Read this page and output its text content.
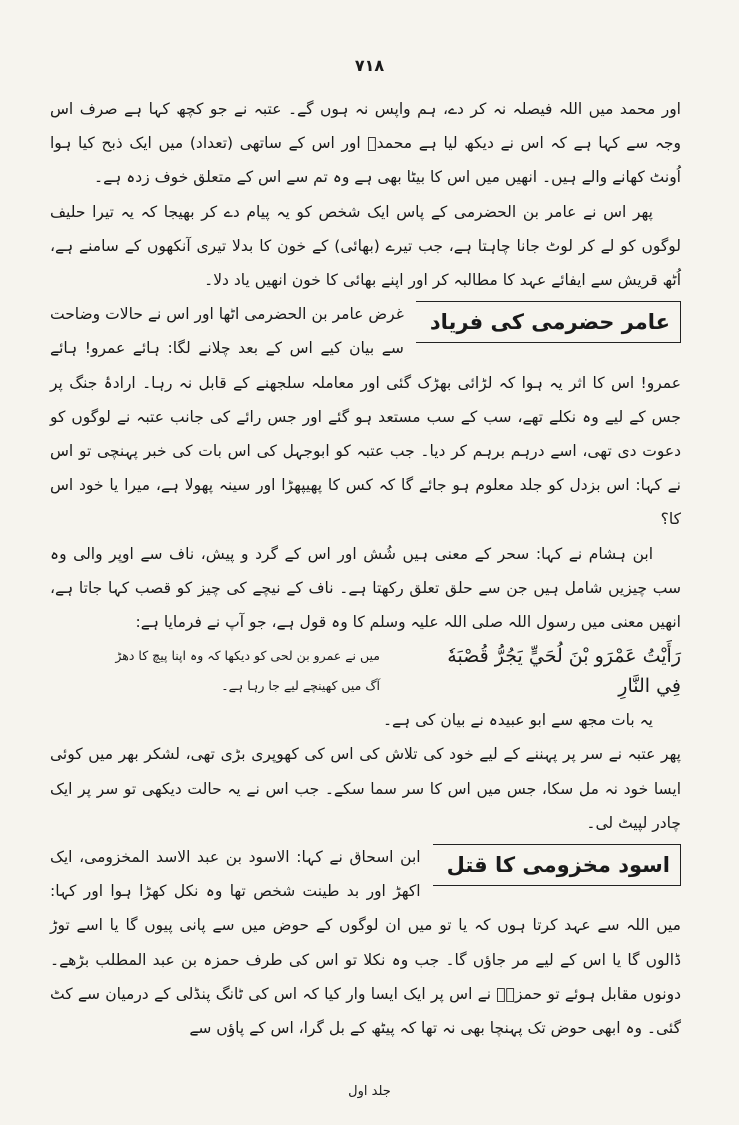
۷۱۸

اور محمد میں اللہ فیصلہ نہ کر دے، ہم واپس نہ ہوں گے۔ عتبہ نے جو کچھ کہا ہے صرف اس وجہ سے کہا ہے کہ اس نے دیکھ لیا ہے محمدؐ اور اس کے ساتھی (تعداد) میں ایک ذبح کیا ہوا اُونٹ کھانے والے ہیں۔ انھیں میں اس کا بیٹا بھی ہے وہ تم سے اس کے متعلق خوف زدہ ہے۔

پھر اس نے عامر بن الحضرمی کے پاس ایک شخص کو یہ پیام دے کر بھیجا کہ یہ تیرا حلیف لوگوں کو لے کر لوٹ جانا چاہتا ہے، جب تیرے (بھائی) کے خون کا بدلا تیری آنکھوں کے سامنے ہے، اُٹھ قریش سے ایفائے عہد کا مطالبہ کر اور اپنے بھائی کا خون انھیں یاد دلا۔

عامر حضرمی کی فریاد

غرض عامر بن الحضرمی اٹھا اور اس نے حالات وضاحت سے بیان کیے اس کے بعد چلانے لگا: ہائے عمرو! ہائے عمرو! اس کا اثر یہ ہوا کہ لڑائی بھڑک گئی اور معاملہ سلجھنے کے قابل نہ رہا۔ ارادۂ جنگ پر جس کے لیے وہ نکلے تھے، سب کے سب مستعد ہو گئے اور جس رائے کی جانب عتبہ نے لوگوں کو دعوت دی تھی، اسے درہم برہم کر دیا۔ جب عتبہ کو ابوجہل کی اس بات کی خبر پہنچی تو اس نے کہا: اس بزدل کو جلد معلوم ہو جائے گا کہ کس کا پھیپھڑا اور سینہ پھولا ہے، میرا یا خود اس کا؟

ابن ہشام نے کہا: سحر کے معنی ہیں شُش اور اس کے گرد و پیش، ناف سے اوپر والی وہ سب چیزیں شامل ہیں جن سے حلق تعلق رکھتا ہے۔ ناف کے نیچے کی چیز کو قصب کہا جاتا ہے، انھیں معنی میں رسول اللہ صلی اللہ علیہ وسلم کا وہ قول ہے، جو آپ نے فرمایا ہے:

رَأَيْتُ عَمْرَو بْنَ لُحَيٍّ يَجُرُّ قُصْبَهٗ
فِي النَّارِ
میں نے عمرو بن لحی کو دیکھا کہ وہ اپنا پیچ کا دھڑ
آگ میں کھینچے لیے جا رہا ہے۔

یہ بات مجھ سے ابو عبیدہ نے بیان کی ہے۔

پھر عتبہ نے سر پر پہننے کے لیے خود کی تلاش کی اس کی کھوپری بڑی تھی، لشکر بھر میں کوئی ایسا خود نہ مل سکا، جس میں اس کا سر سما سکے۔ جب اس نے یہ حالت دیکھی تو سر پر ایک چادر لپیٹ لی۔

اسود مخزومی کا قتل

ابن اسحاق نے کہا: الاسود بن عبد الاسد المخزومی، ایک اکھڑ اور بد طینت شخص تھا وہ نکل کھڑا ہوا اور کہا: میں اللہ سے عہد کرتا ہوں کہ یا تو میں ان لوگوں کے حوض میں سے پانی پیوں گا یا اسے توڑ ڈالوں گا یا اس کے لیے مر جاؤں گا۔ جب وہ نکلا تو اس کی طرف حمزہ بن عبد المطلب بڑھے۔ دونوں مقابل ہوئے تو حمزہؓ نے اس پر ایک ایسا وار کیا کہ اس کی ٹانگ پنڈلی کے درمیان سے کٹ گئی۔ وہ ابھی حوض تک پہنچا بھی نہ تھا کہ پیٹھ کے بل گرا، اس کے پاؤں سے

جلد اول
